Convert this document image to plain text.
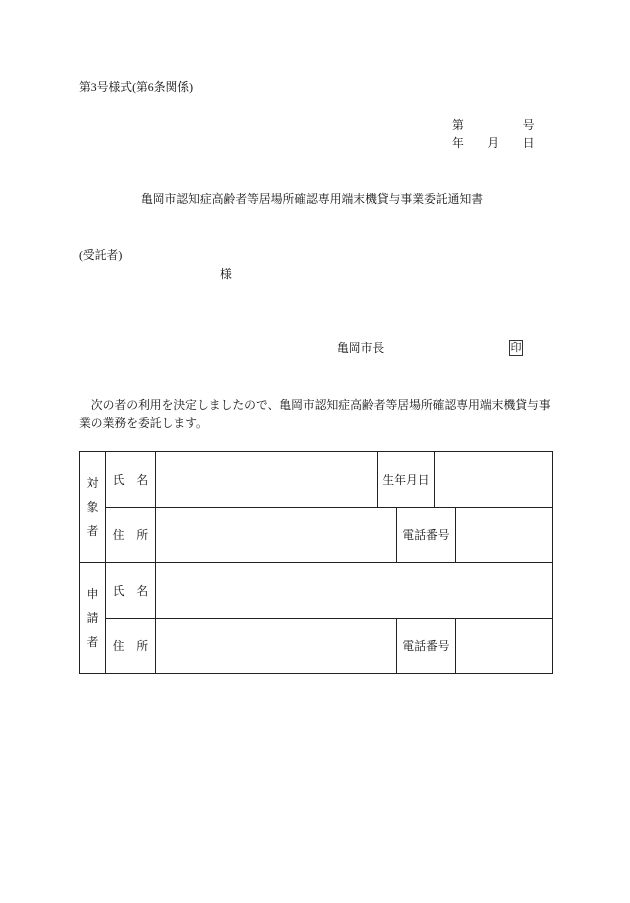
第3号様式(第6条関係)
第　　　　　号
年　　月　　日
亀岡市認知症高齢者等居場所確認専用端末機貸与事業委託通知書
(受託者)
様
亀岡市長	印

次の者の利用を決定しましたので、亀岡市認知症高齢者等居場所確認専用端末機貸与事業の業務を委託します。

対象者
氏　名	生年月日
住　所	電話番号
申請者
氏　名
住　所	電話番号
